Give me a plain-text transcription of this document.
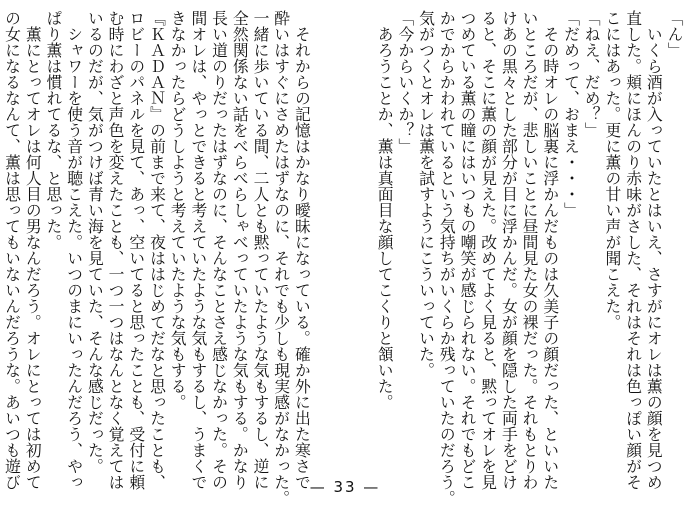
「ん」
　いくら酒が入っていたとはいえ、さすがにオレは薫の顔を見つめ
直した。頬にほんのり赤味がさした、それはそれは色っぽい顔がそ
こにはあった。更に薫の甘い声が聞こえた。
「ねえ、だめ？」
「だめって、おまえ・・・」
　その時オレの脳裏に浮かんだものは久美子の顔だった、といいた
いところだが、悲しいことに昼間見た女の裸だった。それもとりわ
けあの黒々とした部分が目に浮かんだ。女が顔を隠した両手をどけ
ると、そこに薫の顔が見えた。改めてよく見ると、黙ってオレを見
つめている薫の瞳にはいつもの嘲笑が感じられない。それでもどこ
かでからかわれているという気持ちがいくらか残っていたのだろう。
気がつくとオレは薫を試すようにこういっていた。
「今からいくか？」
　あろうことか、薫は真面目な顔してこくりと頷いた。
　それからの記憶はかなり曖昧になっている。確か外に出た寒さで
酔いはすぐにさめたはずなのに、それでも少しも現実感がなかった。
一緒に歩いている間、二人とも黙っていたような気もするし、逆に
全然関係ない話をべらべらしゃべっていたような気もする。かなり
長い道のりだったはずなのに、そんなことさえ感じなかった。その
間オレは、やっとできると考えていたような気もするし、うまくで
きなかったらどうしようと考えていたような気もする。
『ＫＡＤＡＮ』の前まで来て、夜ははじめてだなと思ったことも、
ロビーのパネルを見て、あっ、空いてると思ったことも、受付に頼
む時にわざと声色を変えたことも、一つ一つはなんとなく覚えては
いるのだが、気がつけば青い海を見ていた、そんな感じだった。
　シャワーを使う音が聴こえた。いつのまにいったんだろう、やっ
ぱり薫は慣れてるな、と思った。
　薫にとってオレは何人目の男なんだろう。オレにとっては初めて
の女になるなんて、薫は思ってもいないんだろうな。あいつも遊び	— 33 —
